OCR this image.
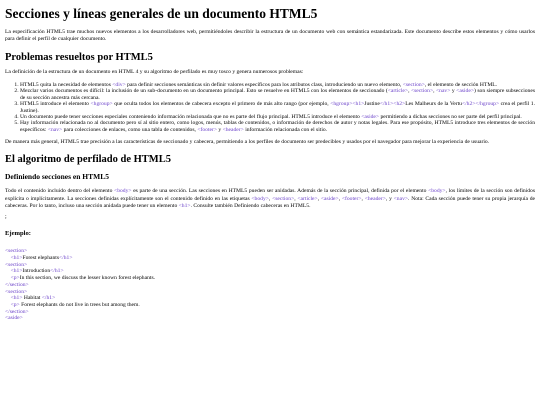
Secciones y líneas generales de un documento HTML5

La especificación HTML5 trae muchos nuevos elementos a los desarrolladores web, permitiéndoles describir la estructura de un documento web con semántica estandarizada. Este documento describe estos elementos y cómo usarlos para definir el perfil de cualquier documento.

Problemas resueltos por HTML5

La definición de la estructura de un documento en HTML 4 y su algoritmo de perfilado es muy tosco y genera numerosos problemas:

1. HTML5 quita la necesidad de elementos <div> para definir secciones semánticas sin definir valores específicos para los atributos class, introduciendo un nuevo elemento, <section>, el elemento de sección HTML.
2. Mezclar varios documentos es difícil: la inclusión de un sub-documento en un documento principal. Esto se resuelve en HTML5 con los elementos de seccionado (<article>, <section>, <nav> y <aside>) son siempre subsecciones de su sección ancestra más cercana.
3. HTML5 introduce el elemento <hgroup> que oculta todos los elementos de cabecera excepto el primero de más alto rango (por ejemplo, <hgroup><h1>Justine</h1><h2>Les Malheurs de la Vertu</h2></hgroup> crea el perfil 1. Justine).
4. Un documento puede tener secciones especiales conteniendo información relacionada que no es parte del flujo principal. HTML5 introduce el elemento <aside> permitiendo a dichas secciones no ser parte del perfil principal.
5. Hay información relacionada no al documento pero sí al sitio entero, como logos, menús, tablas de contenidos, o información de derechos de autor y notas legales. Para ese propósito, HTML5 introduce tres elementos de sección específicos: <nav> para colecciones de enlaces, como una tabla de contenidos, <footer> y <header> información relacionada con el sitio.

De manera más general, HTML5 trae precisión a las características de seccionado y cabecera, permitiendo a los perfiles de documento ser predecibles y usados por el navegador para mejorar la experiencia de usuario.

El algoritmo de perfilado de HTML5
Definiendo secciones en HTML5

Todo el contenido incluido dentro del elemento <body> es parte de una sección. Las secciones en HTML5 pueden ser anidadas. Además de la sección principal, definida por el elemento <body>, los límites de la sección son definidos explícita o implícitamente. La secciones definidas explícitamente son el contenido definido en las etiquetas <body>, <section>, <article>, <aside>, <footer>, <header>, y <nav>. Nota: Cada sección puede tener su propia jerarquía de cabeceras. Por lo tanto, incluso una sección anidada puede tener un elemento <h1>. Consulte también Definiendo cabeceras en HTML5.

;
Ejemplo:
<section>
<h1>Forest elephants</h1>
<section>
<h1>Introduction</h1>
<p>In this section, we discuss the lesser known forest elephants.
</section>
<section>
<h1> Habitat </h1>
<p> Forest elephants do not live in trees but among them.
</section>
<aside>
